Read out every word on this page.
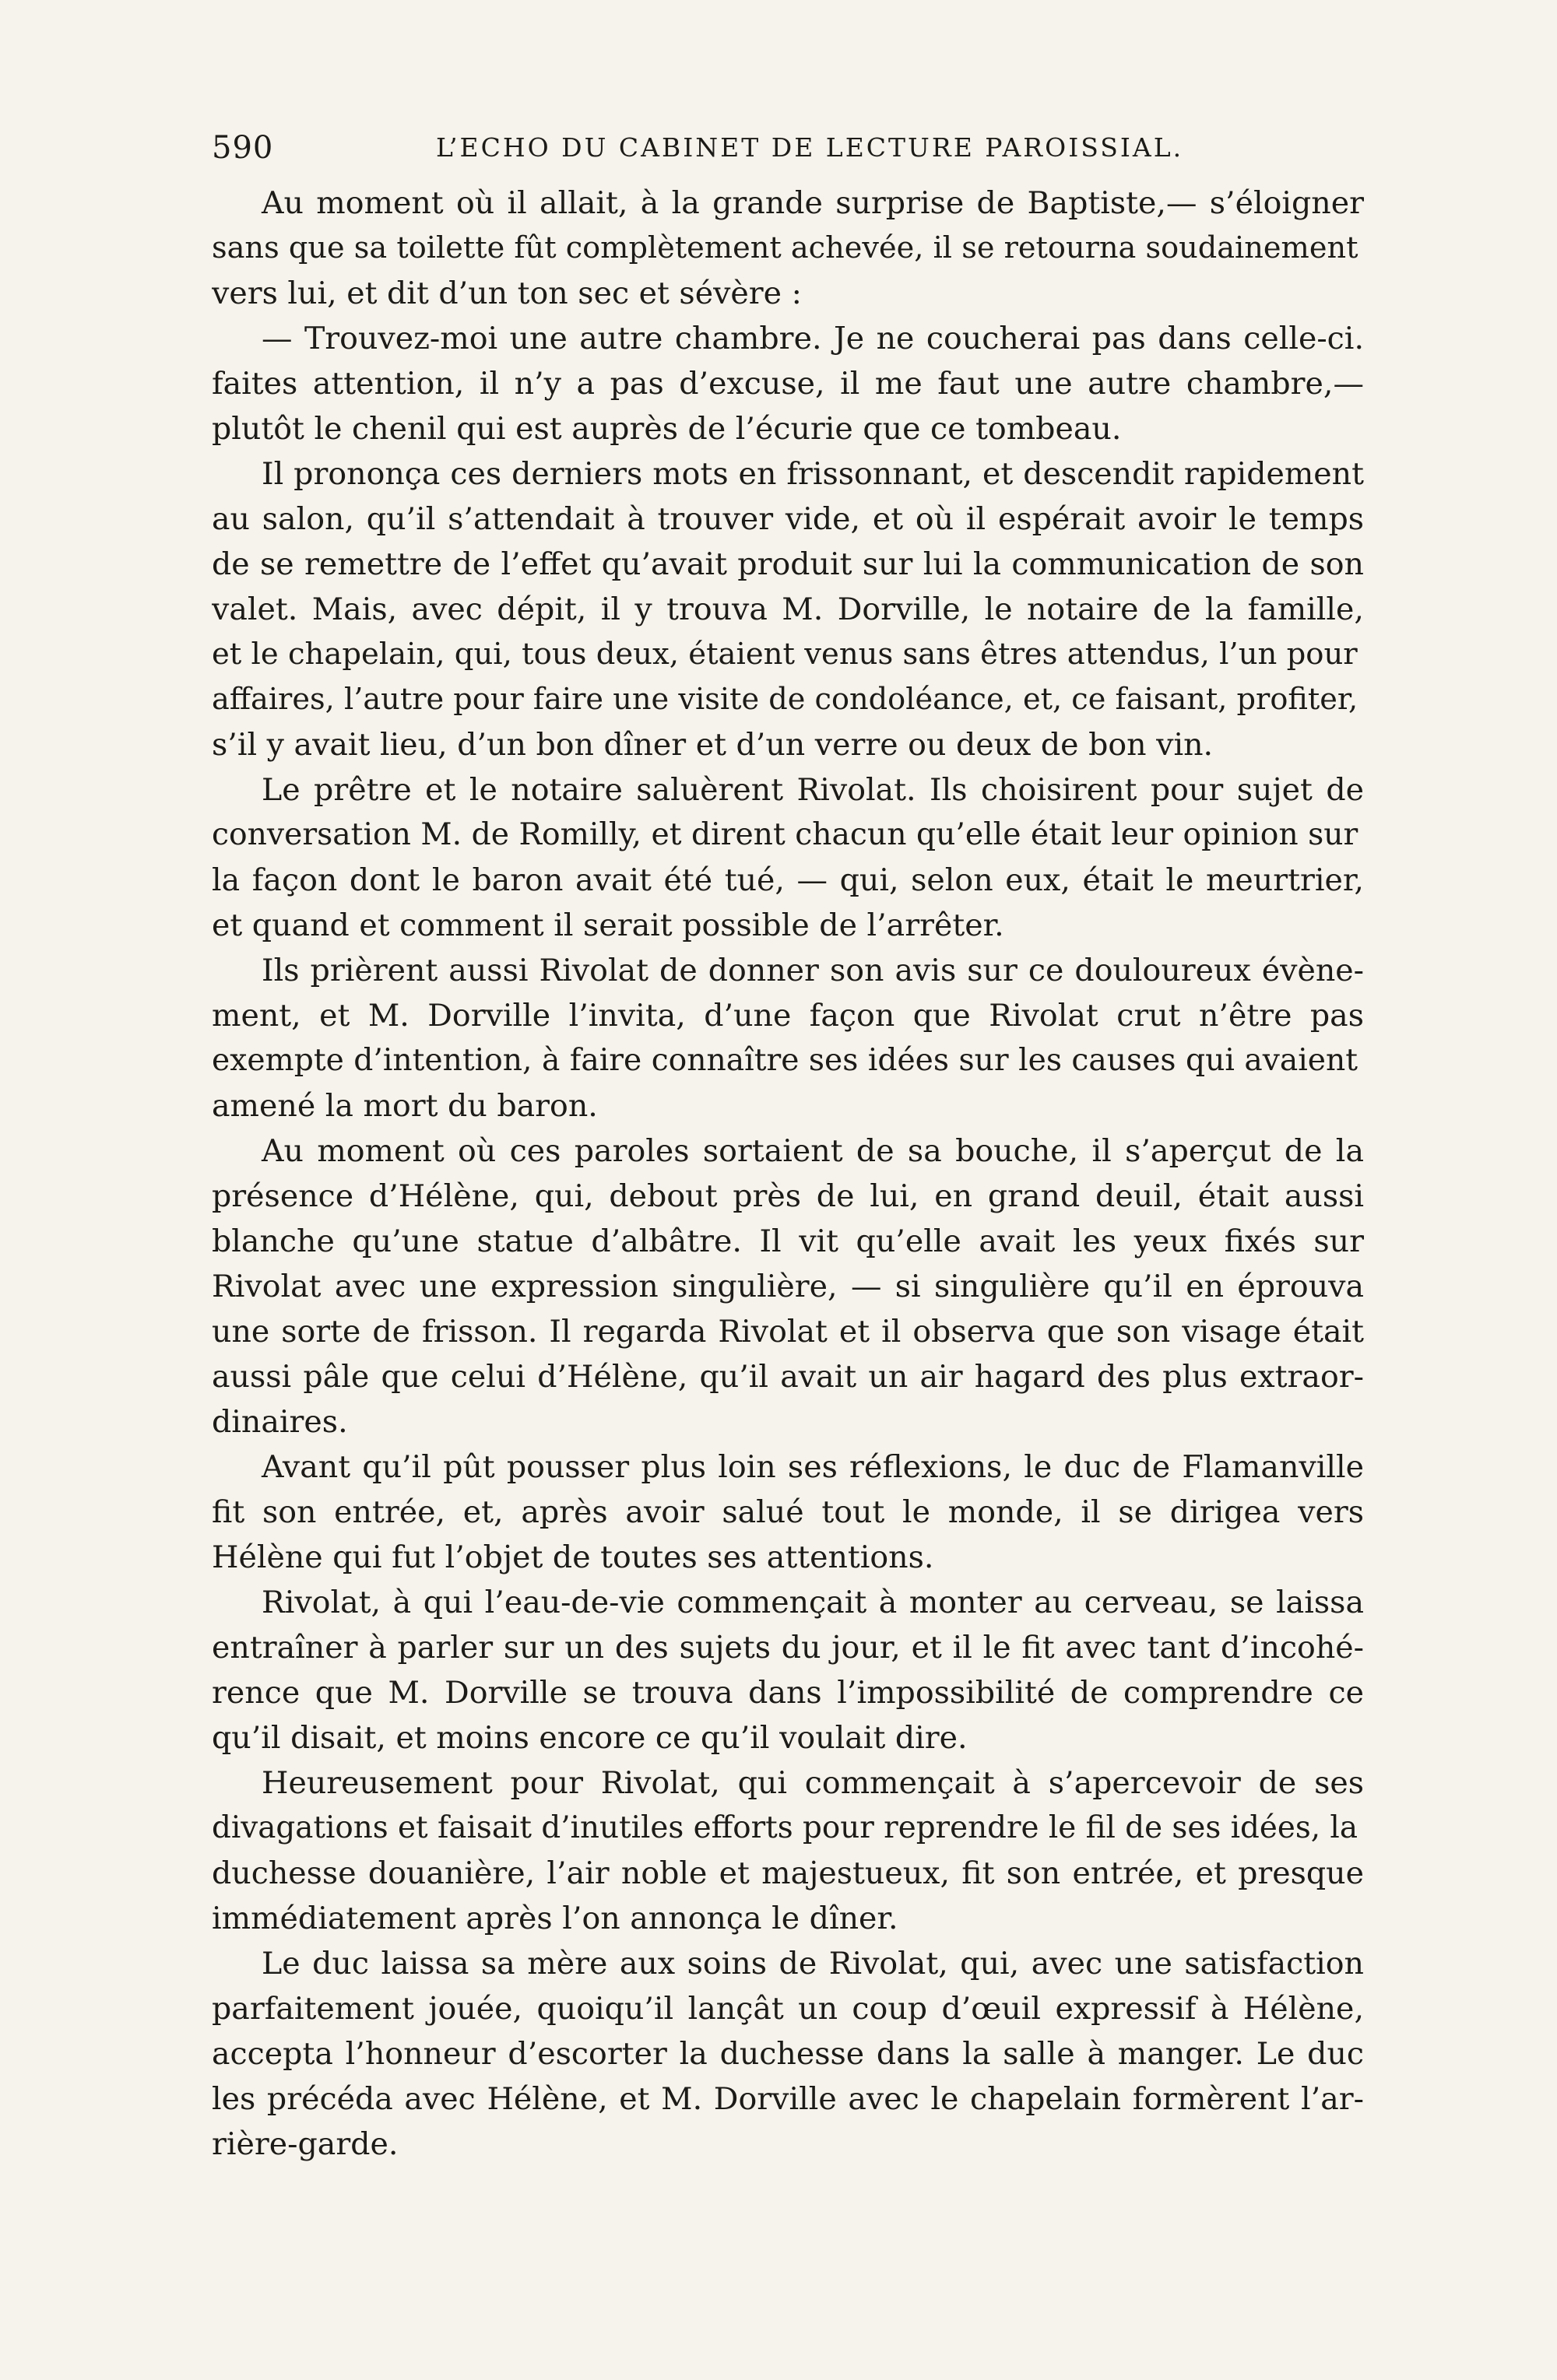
590	L’ECHO DU CABINET DE LECTURE PAROISSIAL.
Au moment où il allait, à la grande surprise de Baptiste,— s’éloigner
sans que sa toilette fût complètement achevée, il se retourna soudainement
vers lui, et dit d’un ton sec et sévère :
— Trouvez-moi une autre chambre. Je ne coucherai pas dans celle-ci.
faites attention, il n’y a pas d’excuse, il me faut une autre chambre,—
plutôt le chenil qui est auprès de l’écurie que ce tombeau.
Il prononça ces derniers mots en frissonnant, et descendit rapidement
au salon, qu’il s’attendait à trouver vide, et où il espérait avoir le temps
de se remettre de l’effet qu’avait produit sur lui la communication de son
valet. Mais, avec dépit, il y trouva M. Dorville, le notaire de la famille,
et le chapelain, qui, tous deux, étaient venus sans êtres attendus, l’un pour
affaires, l’autre pour faire une visite de condoléance, et, ce faisant, profiter,
s’il y avait lieu, d’un bon dîner et d’un verre ou deux de bon vin.
Le prêtre et le notaire saluèrent Rivolat. Ils choisirent pour sujet de
conversation M. de Romilly, et dirent chacun qu’elle était leur opinion sur
la façon dont le baron avait été tué, — qui, selon eux, était le meurtrier,
et quand et comment il serait possible de l’arrêter.
Ils prièrent aussi Rivolat de donner son avis sur ce douloureux évène-
ment, et M. Dorville l’invita, d’une façon que Rivolat crut n’être pas
exempte d’intention, à faire connaître ses idées sur les causes qui avaient
amené la mort du baron.
Au moment où ces paroles sortaient de sa bouche, il s’aperçut de la
présence d’Hélène, qui, debout près de lui, en grand deuil, était aussi
blanche qu’une statue d’albâtre. Il vit qu’elle avait les yeux fixés sur
Rivolat avec une expression singulière, — si singulière qu’il en éprouva
une sorte de frisson. Il regarda Rivolat et il observa que son visage était
aussi pâle que celui d’Hélène, qu’il avait un air hagard des plus extraor-
dinaires.
Avant qu’il pût pousser plus loin ses réflexions, le duc de Flamanville
fit son entrée, et, après avoir salué tout le monde, il se dirigea vers
Hélène qui fut l’objet de toutes ses attentions.
Rivolat, à qui l’eau-de-vie commençait à monter au cerveau, se laissa
entraîner à parler sur un des sujets du jour, et il le fit avec tant d’incohé-
rence que M. Dorville se trouva dans l’impossibilité de comprendre ce
qu’il disait, et moins encore ce qu’il voulait dire.
Heureusement pour Rivolat, qui commençait à s’apercevoir de ses
divagations et faisait d’inutiles efforts pour reprendre le fil de ses idées, la
duchesse douanière, l’air noble et majestueux, fit son entrée, et presque
immédiatement après l’on annonça le dîner.
Le duc laissa sa mère aux soins de Rivolat, qui, avec une satisfaction
parfaitement jouée, quoiqu’il lançât un coup d’œuil expressif à Hélène,
accepta l’honneur d’escorter la duchesse dans la salle à manger. Le duc
les précéda avec Hélène, et M. Dorville avec le chapelain formèrent l’ar-
rière-garde.
